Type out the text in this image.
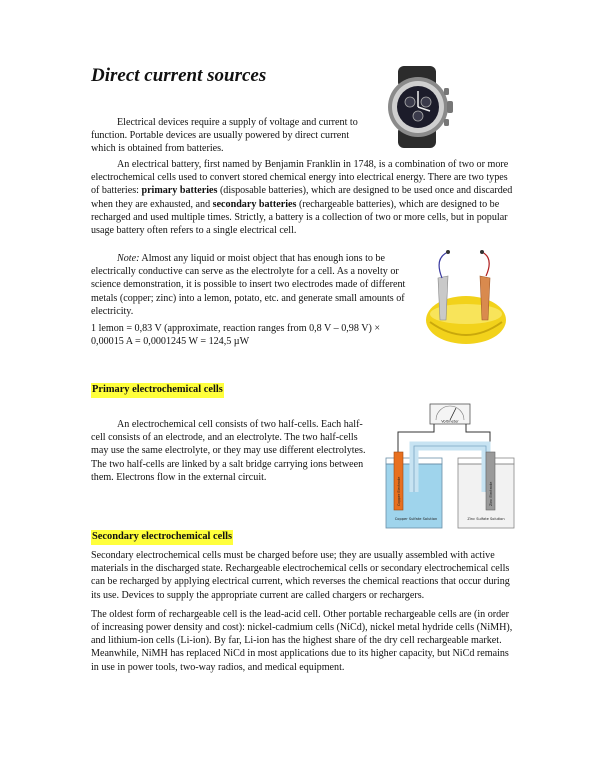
Direct current sources

Electrical devices require a supply of voltage and current to function. Portable devices are usually powered by direct current which is obtained from batteries.

An electrical battery, first named by Benjamin Franklin in 1748, is a combination of two or more electrochemical cells used to convert stored chemical energy into electrical energy. There are two types of batteries: primary batteries (disposable batteries), which are designed to be used once and discarded when they are exhausted, and secondary batteries (rechargeable batteries), which are designed to be recharged and used multiple times. Strictly, a battery is a collection of two or more cells, but in popular usage battery often refers to a single electrical cell.

Note: Almost any liquid or moist object that has enough ions to be electrically conductive can serve as the electrolyte for a cell. As a novelty or science demonstration, it is possible to insert two electrodes made of different metals (copper; zinc) into a lemon, potato, etc. and generate small amounts of electricity.

1 lemon = 0,83 V (approximate, reaction ranges from 0,8 V – 0,98 V) × 0,00015 A = 0,0001245 W = 124,5 µW

Primary electrochemical cells

An electrochemical cell consists of two half-cells. Each half-cell consists of an electrode, and an electrolyte. The two half-cells may use the same electrolyte, or they may use different electrolytes. The two half-cells are linked by a salt bridge carrying ions between them. Electrons flow in the external circuit.

Voltmeter
Copper Electrode	Zinc Electrode
Copper Sulfate Solution	Zinc Sulfate Solution
Secondary electrochemical cells

Secondary electrochemical cells must be charged before use; they are usually assembled with active materials in the discharged state. Rechargeable electrochemical cells or secondary electrochemical cells can be recharged by applying electrical current, which reverses the chemical reactions that occur during its use. Devices to supply the appropriate current are called chargers or rechargers.

The oldest form of rechargeable cell is the lead-acid cell. Other portable rechargeable cells are (in order of increasing power density and cost): nickel-cadmium cells (NiCd), nickel metal hydride cells (NiMH), and lithium-ion cells (Li-ion). By far, Li-ion has the highest share of the dry cell rechargeable market. Meanwhile, NiMH has replaced NiCd in most applications due to its higher capacity, but NiCd remains in use in power tools, two-way radios, and medical equipment.
